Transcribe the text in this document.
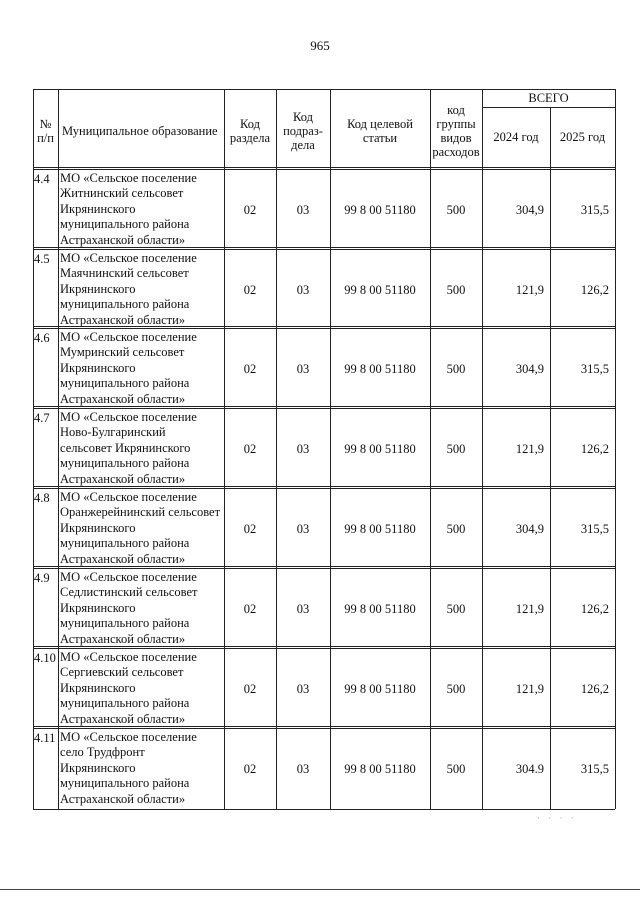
965
№ п/п Муниципальное образование	Код раздела
Код подраз-дела
Код целевой статьи
код группы видов расходов
ВСЕГО
2024 год	2025 год
4.4 МО «Сельское поселение
Житнинский сельсовет
Икрянинского
муниципального района
Астраханской области»
02	03	99 8 00 51180	500	304,9	315,5
4.5 МО «Сельское поселение
Маячнинский сельсовет
Икрянинского
муниципального района
Астраханской области»
02	03	99 8 00 51180	500	121,9	126,2
4.6 МО «Сельское поселение
Мумринский сельсовет
Икрянинского
муниципального района
Астраханской области»
02	03	99 8 00 51180	500	304,9	315,5
4.7 МО «Сельское поселение
Ново-Булгаринский
сельсовет Икрянинского
муниципального района
Астраханской области»
02	03	99 8 00 51180	500	121,9	126,2
4.8 МО «Сельское поселение
Оранжерейнинский сельсовет
Икрянинского
муниципального района
Астраханской области»
02	03	99 8 00 51180	500	304,9	315,5
4.9 МО «Сельское поселение
Седлистинский сельсовет
Икрянинского
муниципального района
Астраханской области»
02	03	99 8 00 51180	500	121,9	126,2
4.10 МО «Сельское поселение
Сергиевский сельсовет
Икрянинского
муниципального района
Астраханской области»
02	03	99 8 00 51180	500	121,9	126,2
4.11 МО «Сельское поселение
село Трудфронт
Икрянинского
муниципального района
Астраханской области»
02	03	99 8 00 51180	500	304.9	315,5
· · · ·
